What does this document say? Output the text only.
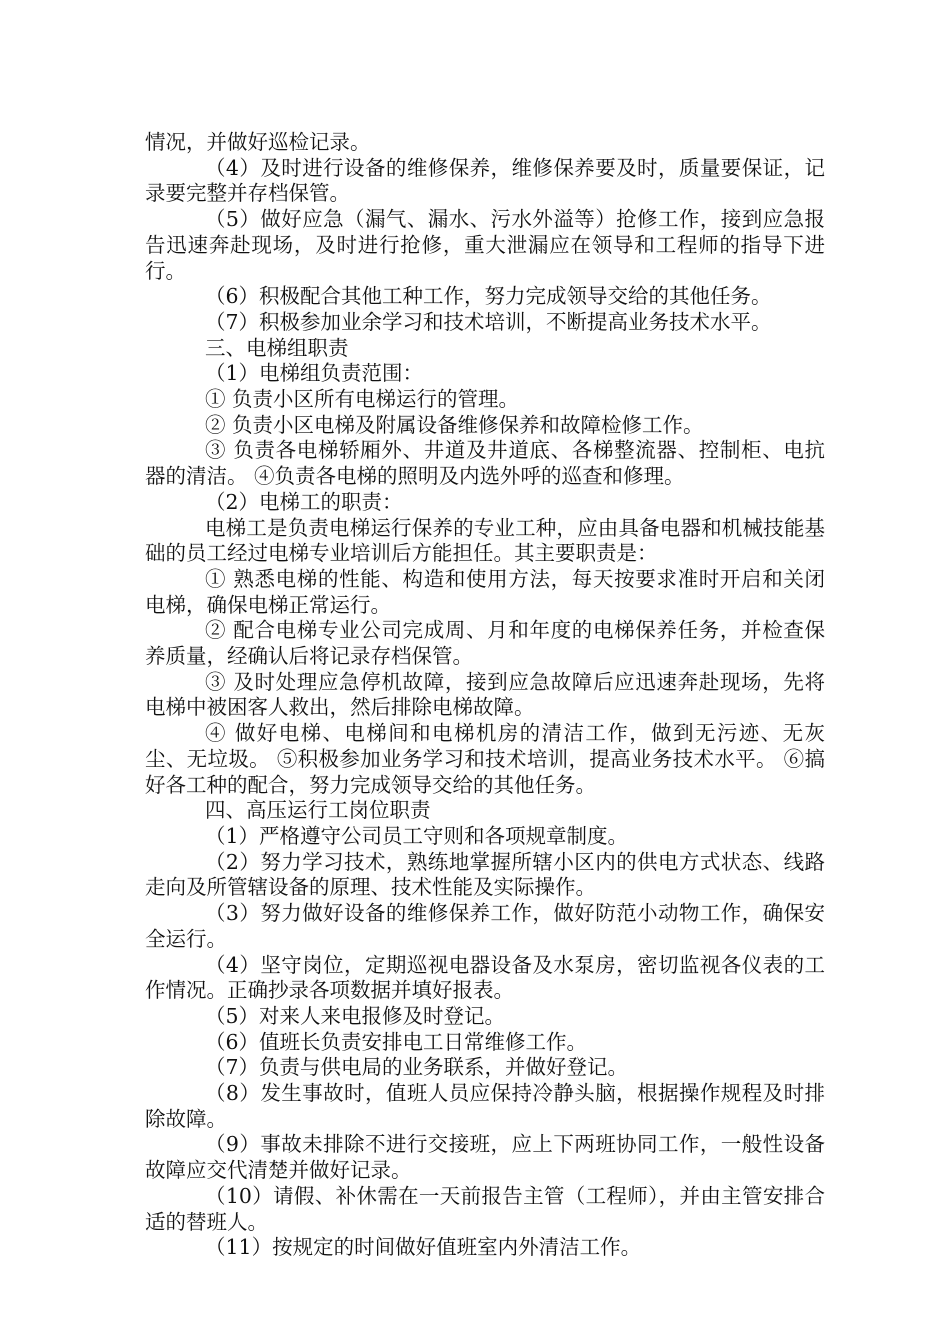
情况，并做好巡检记录。

（4）及时进行设备的维修保养，维修保养要及时，质量要保证，记录要完整并存档保管。

（5）做好应急（漏气、漏水、污水外溢等）抢修工作，接到应急报告迅速奔赴现场，及时进行抢修，重大泄漏应在领导和工程师的指导下进行。

（6）积极配合其他工种工作，努力完成领导交给的其他任务。

（7）积极参加业余学习和技术培训，不断提高业务技术水平。

三、电梯组职责

（1）电梯组负责范围：

① 负责小区所有电梯运行的管理。

② 负责小区电梯及附属设备维修保养和故障检修工作。

③ 负责各电梯轿厢外、井道及井道底、各梯整流器、控制柜、电抗器的清洁。 ④负责各电梯的照明及内选外呼的巡查和修理。

（2）电梯工的职责：

电梯工是负责电梯运行保养的专业工种，应由具备电器和机械技能基础的员工经过电梯专业培训后方能担任。其主要职责是：

① 熟悉电梯的性能、构造和使用方法，每天按要求准时开启和关闭电梯，确保电梯正常运行。

② 配合电梯专业公司完成周、月和年度的电梯保养任务，并检查保养质量，经确认后将记录存档保管。

③ 及时处理应急停机故障，接到应急故障后应迅速奔赴现场，先将电梯中被困客人救出，然后排除电梯故障。

④ 做好电梯、电梯间和电梯机房的清洁工作，做到无污迹、无灰尘、无垃圾。 ⑤积极参加业务学习和技术培训，提高业务技术水平。 ⑥搞好各工种的配合，努力完成领导交给的其他任务。

四、高压运行工岗位职责

（1）严格遵守公司员工守则和各项规章制度。

（2）努力学习技术，熟练地掌握所辖小区内的供电方式状态、线路走向及所管辖设备的原理、技术性能及实际操作。

（3）努力做好设备的维修保养工作，做好防范小动物工作，确保安全运行。

（4）坚守岗位，定期巡视电器设备及水泵房，密切监视各仪表的工作情况。正确抄录各项数据并填好报表。

（5）对来人来电报修及时登记。

（6）值班长负责安排电工日常维修工作。

（7）负责与供电局的业务联系，并做好登记。

（8）发生事故时，值班人员应保持冷静头脑，根据操作规程及时排除故障。

（9）事故未排除不进行交接班，应上下两班协同工作，一般性设备故障应交代清楚并做好记录。

（10）请假、补休需在一天前报告主管（工程师），并由主管安排合适的替班人。

（11）按规定的时间做好值班室内外清洁工作。
